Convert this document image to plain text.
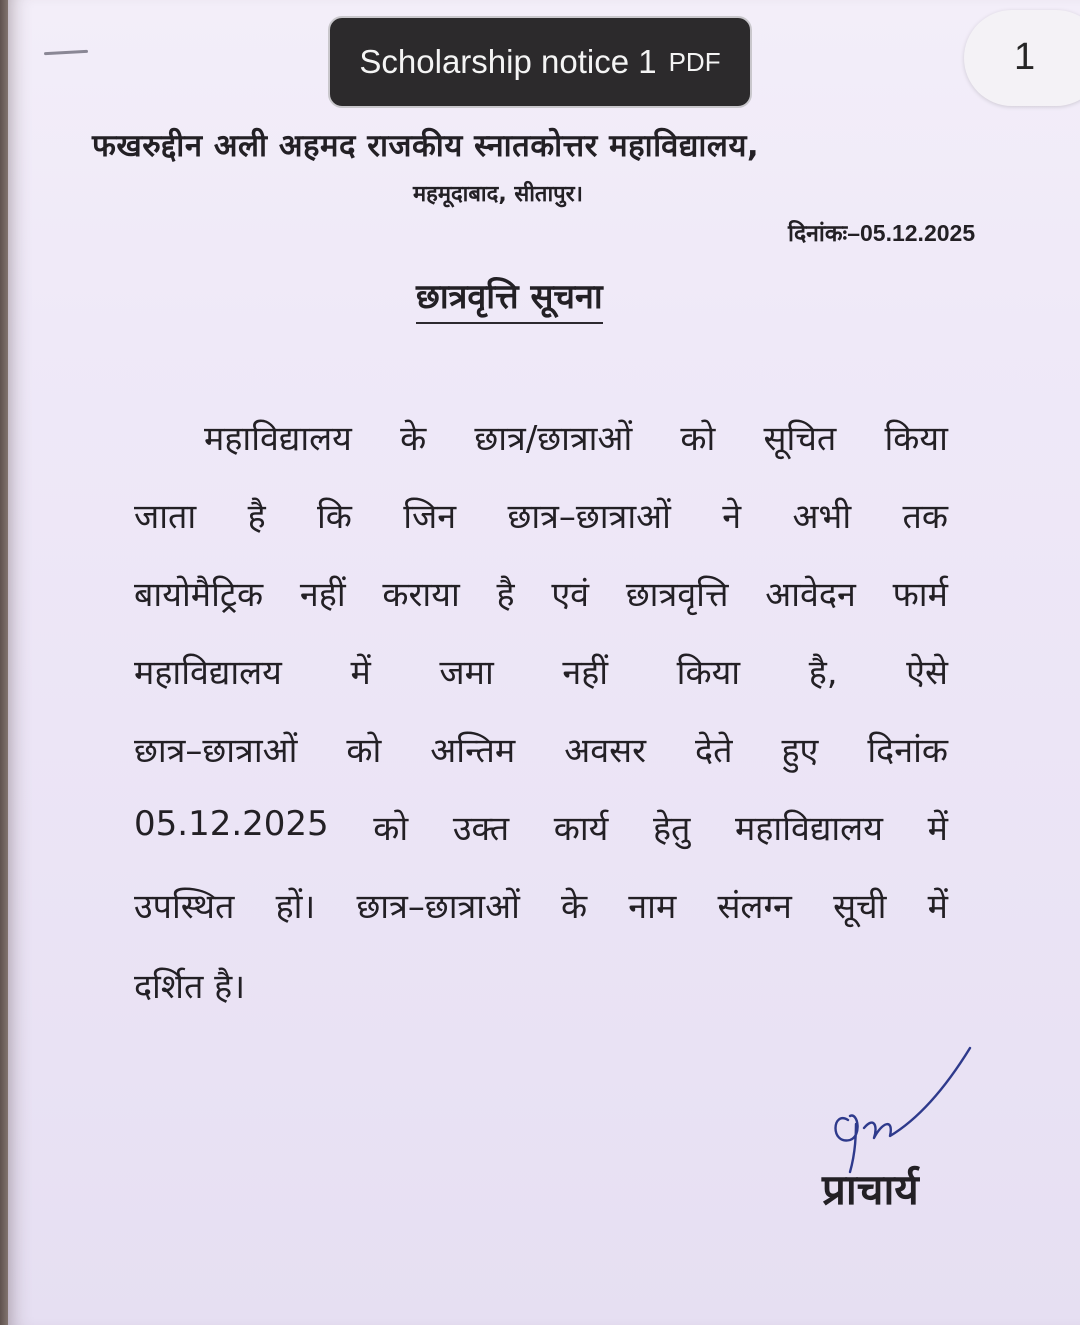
फखरुद्दीन अली अहमद राजकीय स्नातकोत्तर महाविद्यालय,
महमूदाबाद, सीतापुर।
दिनांकः–05.12.2025
छात्रवृत्ति सूचना
महाविद्यालय के छात्र/छात्राओं को सूचित किया
जाता है कि जिन छात्र–छात्राओं ने अभी तक
बायोमैट्रिक नहीं कराया है एवं छात्रवृत्ति आवेदन फार्म
महाविद्यालय में जमा नहीं किया है, ऐसे
छात्र–छात्राओं को अन्तिम अवसर देते हुए दिनांक
05.12.2025 को उक्त कार्य हेतु महाविद्यालय में
उपस्थित हों। छात्र–छात्राओं के नाम संलग्न सूची में
दर्शित है।
प्राचार्य
Scholarship notice 1 PDF	1
